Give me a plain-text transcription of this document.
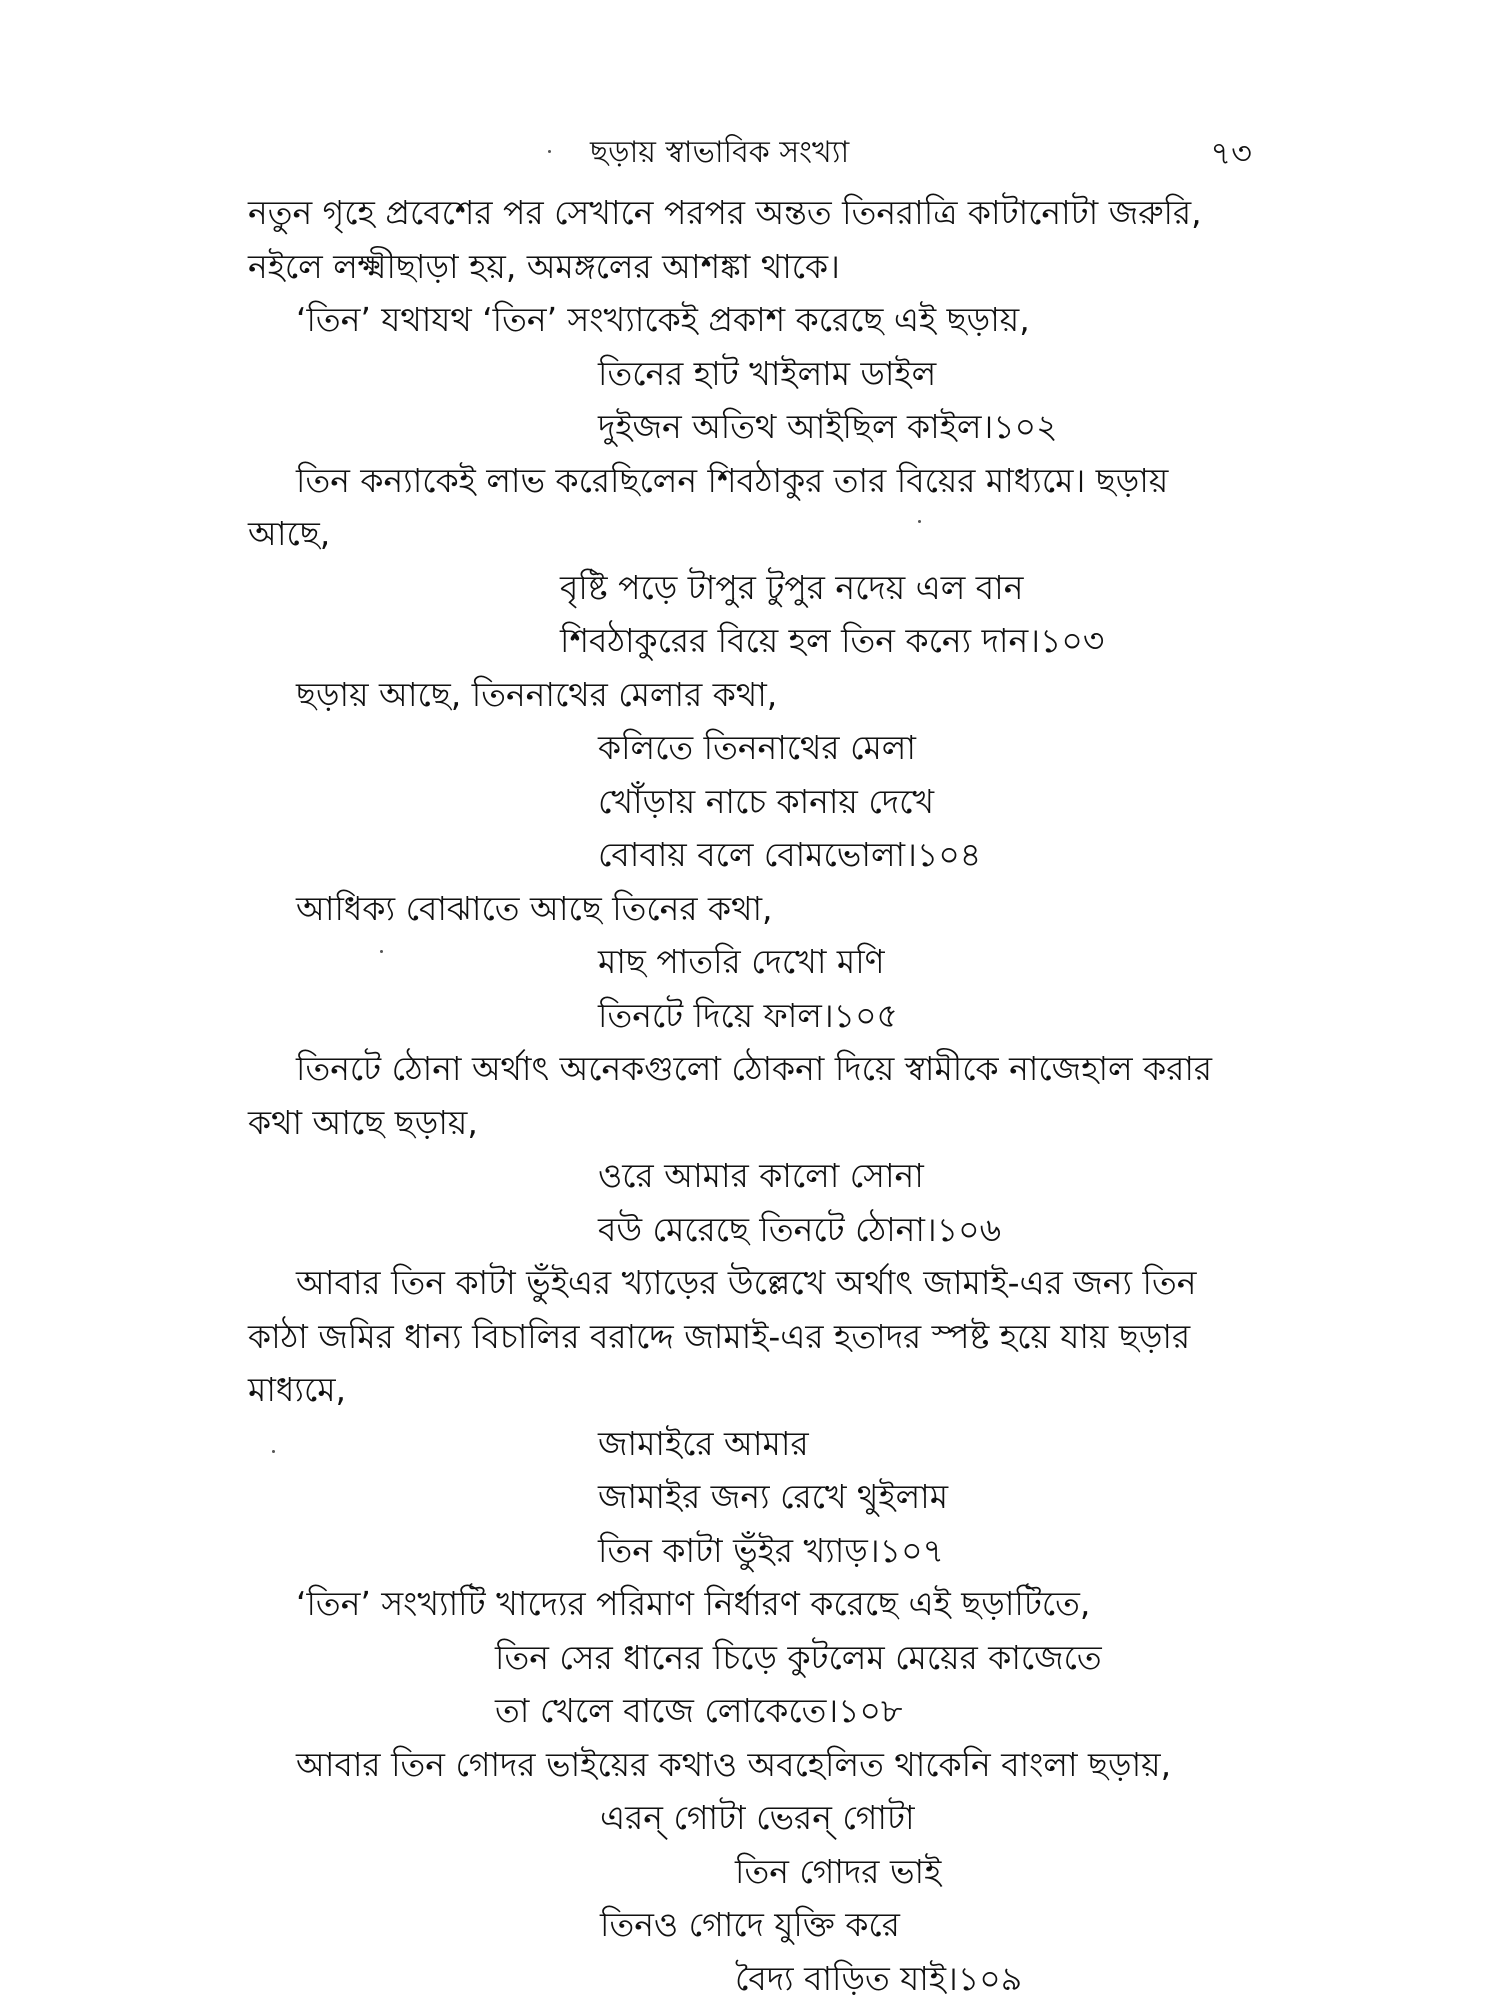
ছড়ায় স্বাভাবিক সংখ্যা	৭৩
নতুন গৃহে প্রবেশের পর সেখানে পরপর অন্তত তিনরাত্রি কাটানোটা জরুরি,
নইলে লক্ষ্মীছাড়া হয়, অমঙ্গলের আশঙ্কা থাকে।
‘তিন’ যথাযথ ‘তিন’ সংখ্যাকেই প্রকাশ করেছে এই ছড়ায়,
তিনের হাট খাইলাম ডাইল
দুইজন অতিথ আইছিল কাইল।১০২
তিন কন্যাকেই লাভ করেছিলেন শিবঠাকুর তার বিয়ের মাধ্যমে। ছড়ায়
আছে,
বৃষ্টি পড়ে টাপুর টুপুর নদেয় এল বান
শিবঠাকুরের বিয়ে হল তিন কন্যে দান।১০৩
ছড়ায় আছে, তিননাথের মেলার কথা,
কলিতে তিননাথের মেলা
খোঁড়ায় নাচে কানায় দেখে
বোবায় বলে বোমভোলা।১০৪
আধিক্য বোঝাতে আছে তিনের কথা,
মাছ পাতরি দেখো মণি
তিনটে দিয়ে ফাল।১০৫
তিনটে ঠোনা অর্থাৎ অনেকগুলো ঠোকনা দিয়ে স্বামীকে নাজেহাল করার
কথা আছে ছড়ায়,
ওরে আমার কালো সোনা
বউ মেরেছে তিনটে ঠোনা।১০৬
আবার তিন কাটা ভুঁইএর খ্যাড়ের উল্লেখে অর্থাৎ জামাই-এর জন্য তিন
কাঠা জমির ধান্য বিচালির বরাদ্দে জামাই-এর হতাদর স্পষ্ট হয়ে যায় ছড়ার
মাধ্যমে,
জামাইরে আমার
জামাইর জন্য রেখে থুইলাম
তিন কাটা ভুঁইর খ্যাড়।১০৭
‘তিন’ সংখ্যাটি খাদ্যের পরিমাণ নির্ধারণ করেছে এই ছড়াটিতে,
তিন সের ধানের চিড়ে কুটলেম মেয়ের কাজেতে
তা খেলে বাজে লোকেতে।১০৮
আবার তিন গোদর ভাইয়ের কথাও অবহেলিত থাকেনি বাংলা ছড়ায়,
এরন্ গোটা ভেরন্ গোটা
তিন গোদর ভাই
তিনও গোদে যুক্তি করে
বৈদ্য বাড়িত যাই।১০৯
